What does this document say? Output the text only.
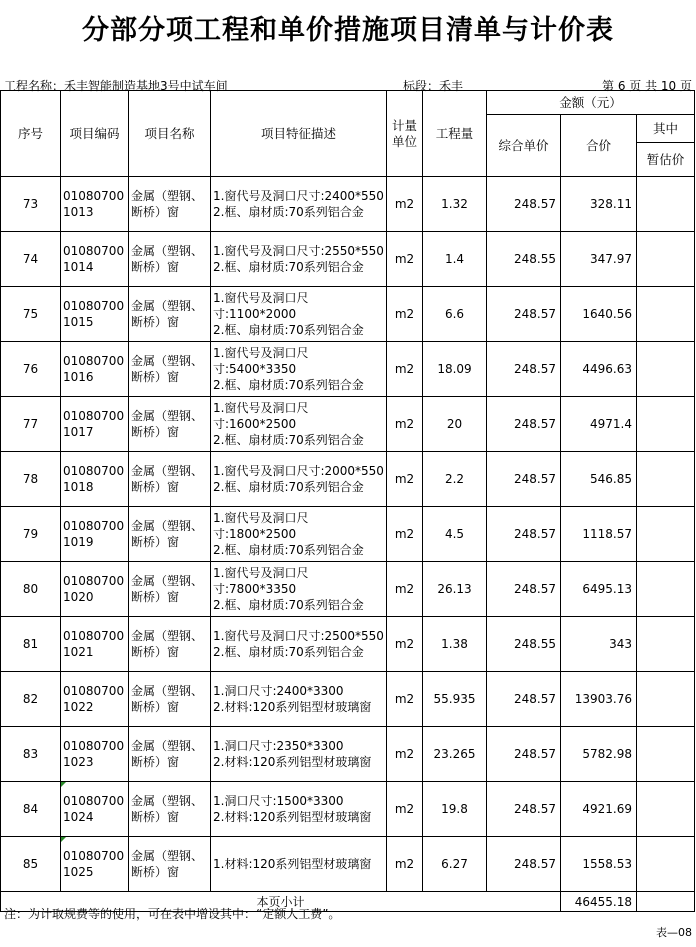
分部分项工程和单价措施项目清单与计价表
工程名称：禾丰智能制造基地3号中试车间	标段：禾丰	第 6 页 共 10 页
序号	项目编码	项目名称	项目特征描述	计量单位	工程量	金额（元）		
						综合单价	合价	其中
								暂估价
73	010807001013	金属（塑钢、断桥）窗	1.窗代号及洞口尺寸:2400*550
2.框、扇材质:70系列铝合金	m2	1.32	248.57	328.11	
74	010807001014	金属（塑钢、断桥）窗	1.窗代号及洞口尺寸:2550*550
2.框、扇材质:70系列铝合金	m2	1.4	248.55	347.97	
75	010807001015	金属（塑钢、断桥）窗	1.窗代号及洞口尺寸:1100*2000
2.框、扇材质:70系列铝合金	m2	6.6	248.57	1640.56	
76	010807001016	金属（塑钢、断桥）窗	1.窗代号及洞口尺寸:5400*3350
2.框、扇材质:70系列铝合金	m2	18.09	248.57	4496.63	
77	010807001017	金属（塑钢、断桥）窗	1.窗代号及洞口尺寸:1600*2500
2.框、扇材质:70系列铝合金	m2	20	248.57	4971.4	
78	010807001018	金属（塑钢、断桥）窗	1.窗代号及洞口尺寸:2000*550
2.框、扇材质:70系列铝合金	m2	2.2	248.57	546.85	
79	010807001019	金属（塑钢、断桥）窗	1.窗代号及洞口尺寸:1800*2500
2.框、扇材质:70系列铝合金	m2	4.5	248.57	1118.57	
80	010807001020	金属（塑钢、断桥）窗	1.窗代号及洞口尺寸:7800*3350
2.框、扇材质:70系列铝合金	m2	26.13	248.57	6495.13	
81	010807001021	金属（塑钢、断桥）窗	1.窗代号及洞口尺寸:2500*550
2.框、扇材质:70系列铝合金	m2	1.38	248.55	343	
82	010807001022	金属（塑钢、断桥）窗	1.洞口尺寸:2400*3300
2.材料:120系列铝型材玻璃窗	m2	55.935	248.57	13903.76	
83	010807001023	金属（塑钢、断桥）窗	1.洞口尺寸:2350*3300
2.材料:120系列铝型材玻璃窗	m2	23.265	248.57	5782.98	
84	010807001024	金属（塑钢、断桥）窗	1.洞口尺寸:1500*3300
2.材料:120系列铝型材玻璃窗	m2	19.8	248.57	4921.69	
85	010807001025	金属（塑钢、断桥）窗	1.材料:120系列铝型材玻璃窗	m2	6.27	248.57	1558.53	
本页小计							46455.18	
注：为计取规费等的使用，可在表中增设其中：“定额人工费”。
表—08
